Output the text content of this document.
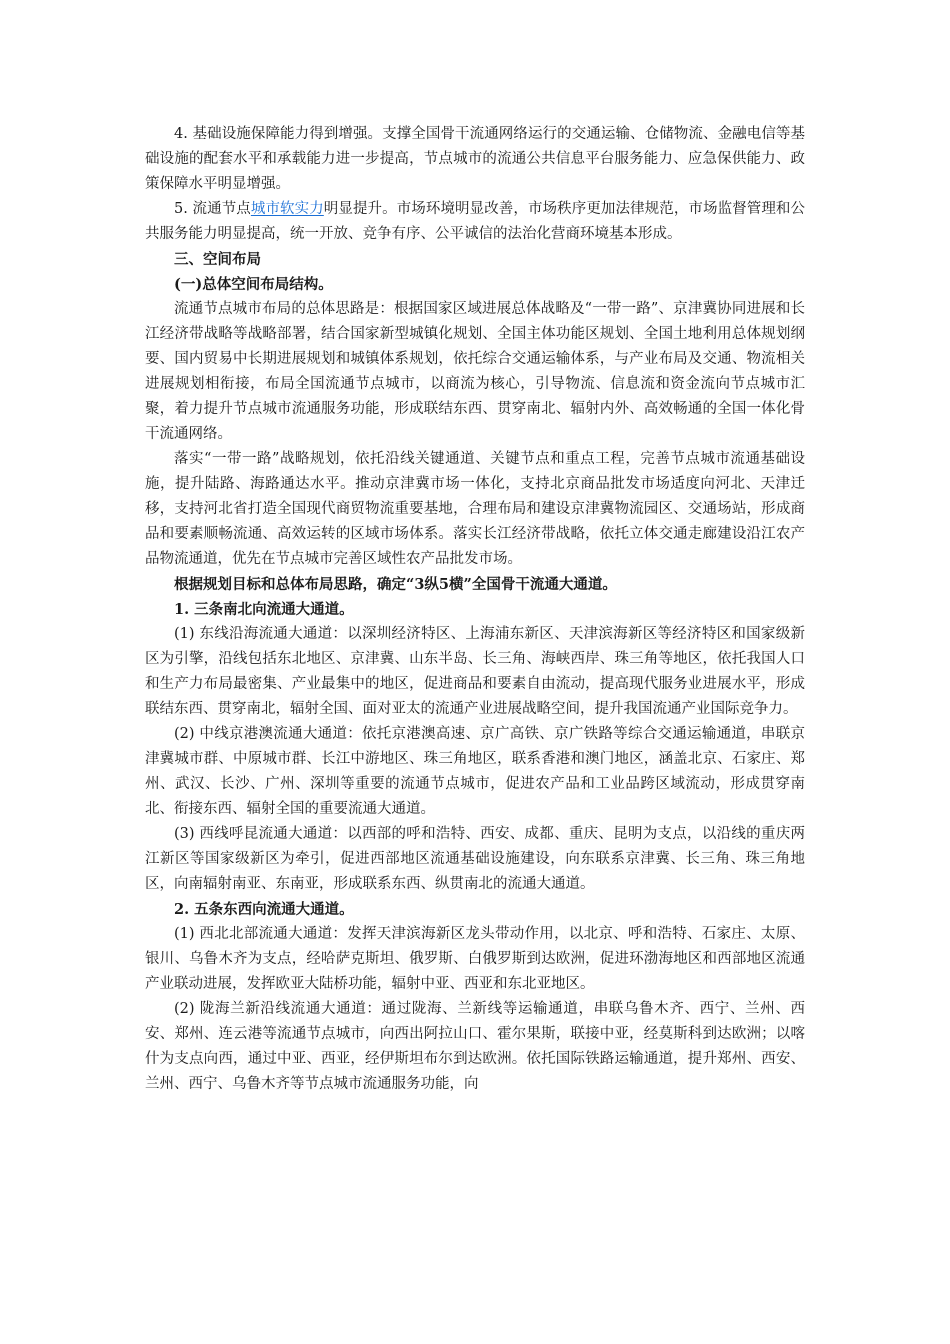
4. 基础设施保障能力得到增强。支撑全国骨干流通网络运行的交通运输、仓储物流、金融电信等基础设施的配套水平和承载能力进一步提高，节点城市的流通公共信息平台服务能力、应急保供能力、政策保障水平明显增强。

5. 流通节点城市软实力明显提升。市场环境明显改善，市场秩序更加法律规范，市场监督管理和公共服务能力明显提高，统一开放、竞争有序、公平诚信的法治化营商环境基本形成。

三、空间布局

(一)总体空间布局结构。

流通节点城市布局的总体思路是：根据国家区域进展总体战略及“一带一路”、京津冀协同进展和长江经济带战略等战略部署，结合国家新型城镇化规划、全国主体功能区规划、全国土地利用总体规划纲要、国内贸易中长期进展规划和城镇体系规划，依托综合交通运输体系，与产业布局及交通、物流相关进展规划相衔接，布局全国流通节点城市，以商流为核心，引导物流、信息流和资金流向节点城市汇聚，着力提升节点城市流通服务功能，形成联结东西、贯穿南北、辐射内外、高效畅通的全国一体化骨干流通网络。

落实“一带一路”战略规划，依托沿线关键通道、关键节点和重点工程，完善节点城市流通基础设施，提升陆路、海路通达水平。推动京津冀市场一体化，支持北京商品批发市场适度向河北、天津迁移，支持河北省打造全国现代商贸物流重要基地，合理布局和建设京津冀物流园区、交通场站，形成商品和要素顺畅流通、高效运转的区域市场体系。落实长江经济带战略，依托立体交通走廊建设沿江农产品物流通道，优先在节点城市完善区域性农产品批发市场。

根据规划目标和总体布局思路，确定“3纵5横”全国骨干流通大通道。

1. 三条南北向流通大通道。

(1) 东线沿海流通大通道：以深圳经济特区、上海浦东新区、天津滨海新区等经济特区和国家级新区为引擎，沿线包括东北地区、京津冀、山东半岛、长三角、海峡西岸、珠三角等地区，依托我国人口和生产力布局最密集、产业最集中的地区，促进商品和要素自由流动，提高现代服务业进展水平，形成联结东西、贯穿南北，辐射全国、面对亚太的流通产业进展战略空间，提升我国流通产业国际竞争力。

(2) 中线京港澳流通大通道：依托京港澳高速、京广高铁、京广铁路等综合交通运输通道，串联京津冀城市群、中原城市群、长江中游地区、珠三角地区，联系香港和澳门地区，涵盖北京、石家庄、郑州、武汉、长沙、广州、深圳等重要的流通节点城市，促进农产品和工业品跨区域流动，形成贯穿南北、衔接东西、辐射全国的重要流通大通道。

(3) 西线呼昆流通大通道：以西部的呼和浩特、西安、成都、重庆、昆明为支点，以沿线的重庆两江新区等国家级新区为牵引，促进西部地区流通基础设施建设，向东联系京津冀、长三角、珠三角地区，向南辐射南亚、东南亚，形成联系东西、纵贯南北的流通大通道。

2. 五条东西向流通大通道。

(1) 西北北部流通大通道：发挥天津滨海新区龙头带动作用，以北京、呼和浩特、石家庄、太原、银川、乌鲁木齐为支点，经哈萨克斯坦、俄罗斯、白俄罗斯到达欧洲，促进环渤海地区和西部地区流通产业联动进展，发挥欧亚大陆桥功能，辐射中亚、西亚和东北亚地区。

(2) 陇海兰新沿线流通大通道：通过陇海、兰新线等运输通道，串联乌鲁木齐、西宁、兰州、西安、郑州、连云港等流通节点城市，向西出阿拉山口、霍尔果斯，联接中亚，经莫斯科到达欧洲；以喀什为支点向西，通过中亚、西亚，经伊斯坦布尔到达欧洲。依托国际铁路运输通道，提升郑州、西安、兰州、西宁、乌鲁木齐等节点城市流通服务功能，向
